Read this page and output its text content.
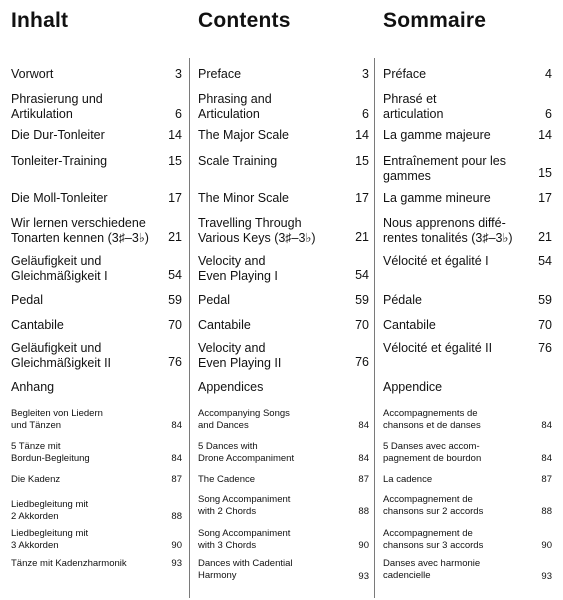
Inhalt
Vorwort	3
Phrasierung und
Artikulation	6
Die Dur-Tonleiter	14
Tonleiter-Training	15
Die Moll-Tonleiter	17
Wir lernen verschiedene
Tonarten kennen (3♯–3♭) 21
Geläufigkeit und
Gleichmäßigkeit I	54
Pedal	59
Cantabile	70
Geläufigkeit und
Gleichmäßigkeit II	76
Anhang
Begleiten von Liedern
und Tänzen	84
5 Tänze mit
Bordun-Begleitung	84
Die Kadenz	87
Liedbegleitung mit
2 Akkorden	88
Liedbegleitung mit
3 Akkorden	90
Tänze mit Kadenzharmonik	93
Contents
Preface	3
Phrasing and
Articulation	6
The Major Scale	14
Scale Training	15
The Minor Scale	17
Travelling Through
Various Keys (3♯–3♭)	21
Velocity and
Even Playing I	54
Pedal	59
Cantabile	70
Velocity and
Even Playing II	76
Appendices
Accompanying Songs
and Dances	84
5 Dances with
Drone Accompaniment	84
The Cadence	87
Song Accompaniment
with 2 Chords	88
Song Accompaniment
with 3 Chords	90
Dances with Cadential
Harmony	93
Sommaire
Préface	4
Phrasé et
articulation	6
La gamme majeure	14
Entraînement pour les
gammes	15
La gamme mineure	17
Nous apprenons diffé-
rentes tonalités (3♯–3♭) 21
Vélocité et égalité I	54
Pédale	59
Cantabile	70
Vélocité et égalité II	76
Appendice
Accompagnements de
chansons et de danses	84
5 Danses avec accom-
pagnement de bourdon	84
La cadence	87
Accompagnement de
chansons sur 2 accords	88
Accompagnement de
chansons sur 3 accords	90
Danses avec harmonie
cadencielle	93
